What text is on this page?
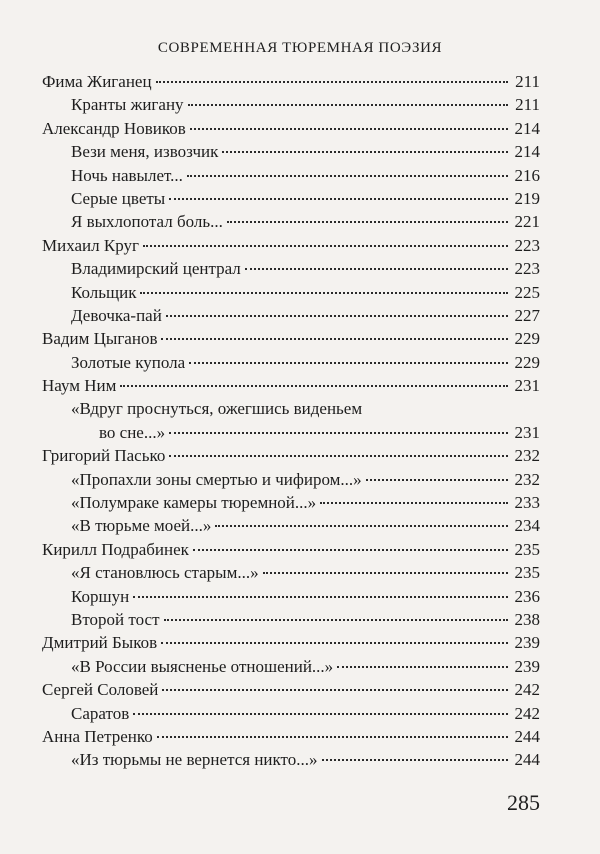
СОВРЕМЕННАЯ ТЮРЕМНАЯ ПОЭЗИЯ
Фима Жиганец	211
Кранты жигану	211
Александр Новиков	214
Вези меня, извозчик	214
Ночь навылет...	216
Серые цветы	219
Я выхлопотал боль...	221
Михаил Круг	223
Владимирский централ	223
Кольщик	225
Девочка-пай	227
Вадим Цыганов	229
Золотые купола	229
Наум Ним	231
«Вдруг проснуться, ожегшись виденьем
во сне...»	231
Григорий Пасько	232
«Пропахли зоны смертью и чифиром...»	232
«Полумраке камеры тюремной...»	233
«В тюрьме моей...»	234
Кирилл Подрабинек	235
«Я становлюсь старым...»	235
Коршун	236
Второй тост	238
Дмитрий Быков	239
«В России выясненье отношений...»	239
Сергей Соловей	242
Саратов	242
Анна Петренко	244
«Из тюрьмы не вернется никто...»	244
285
